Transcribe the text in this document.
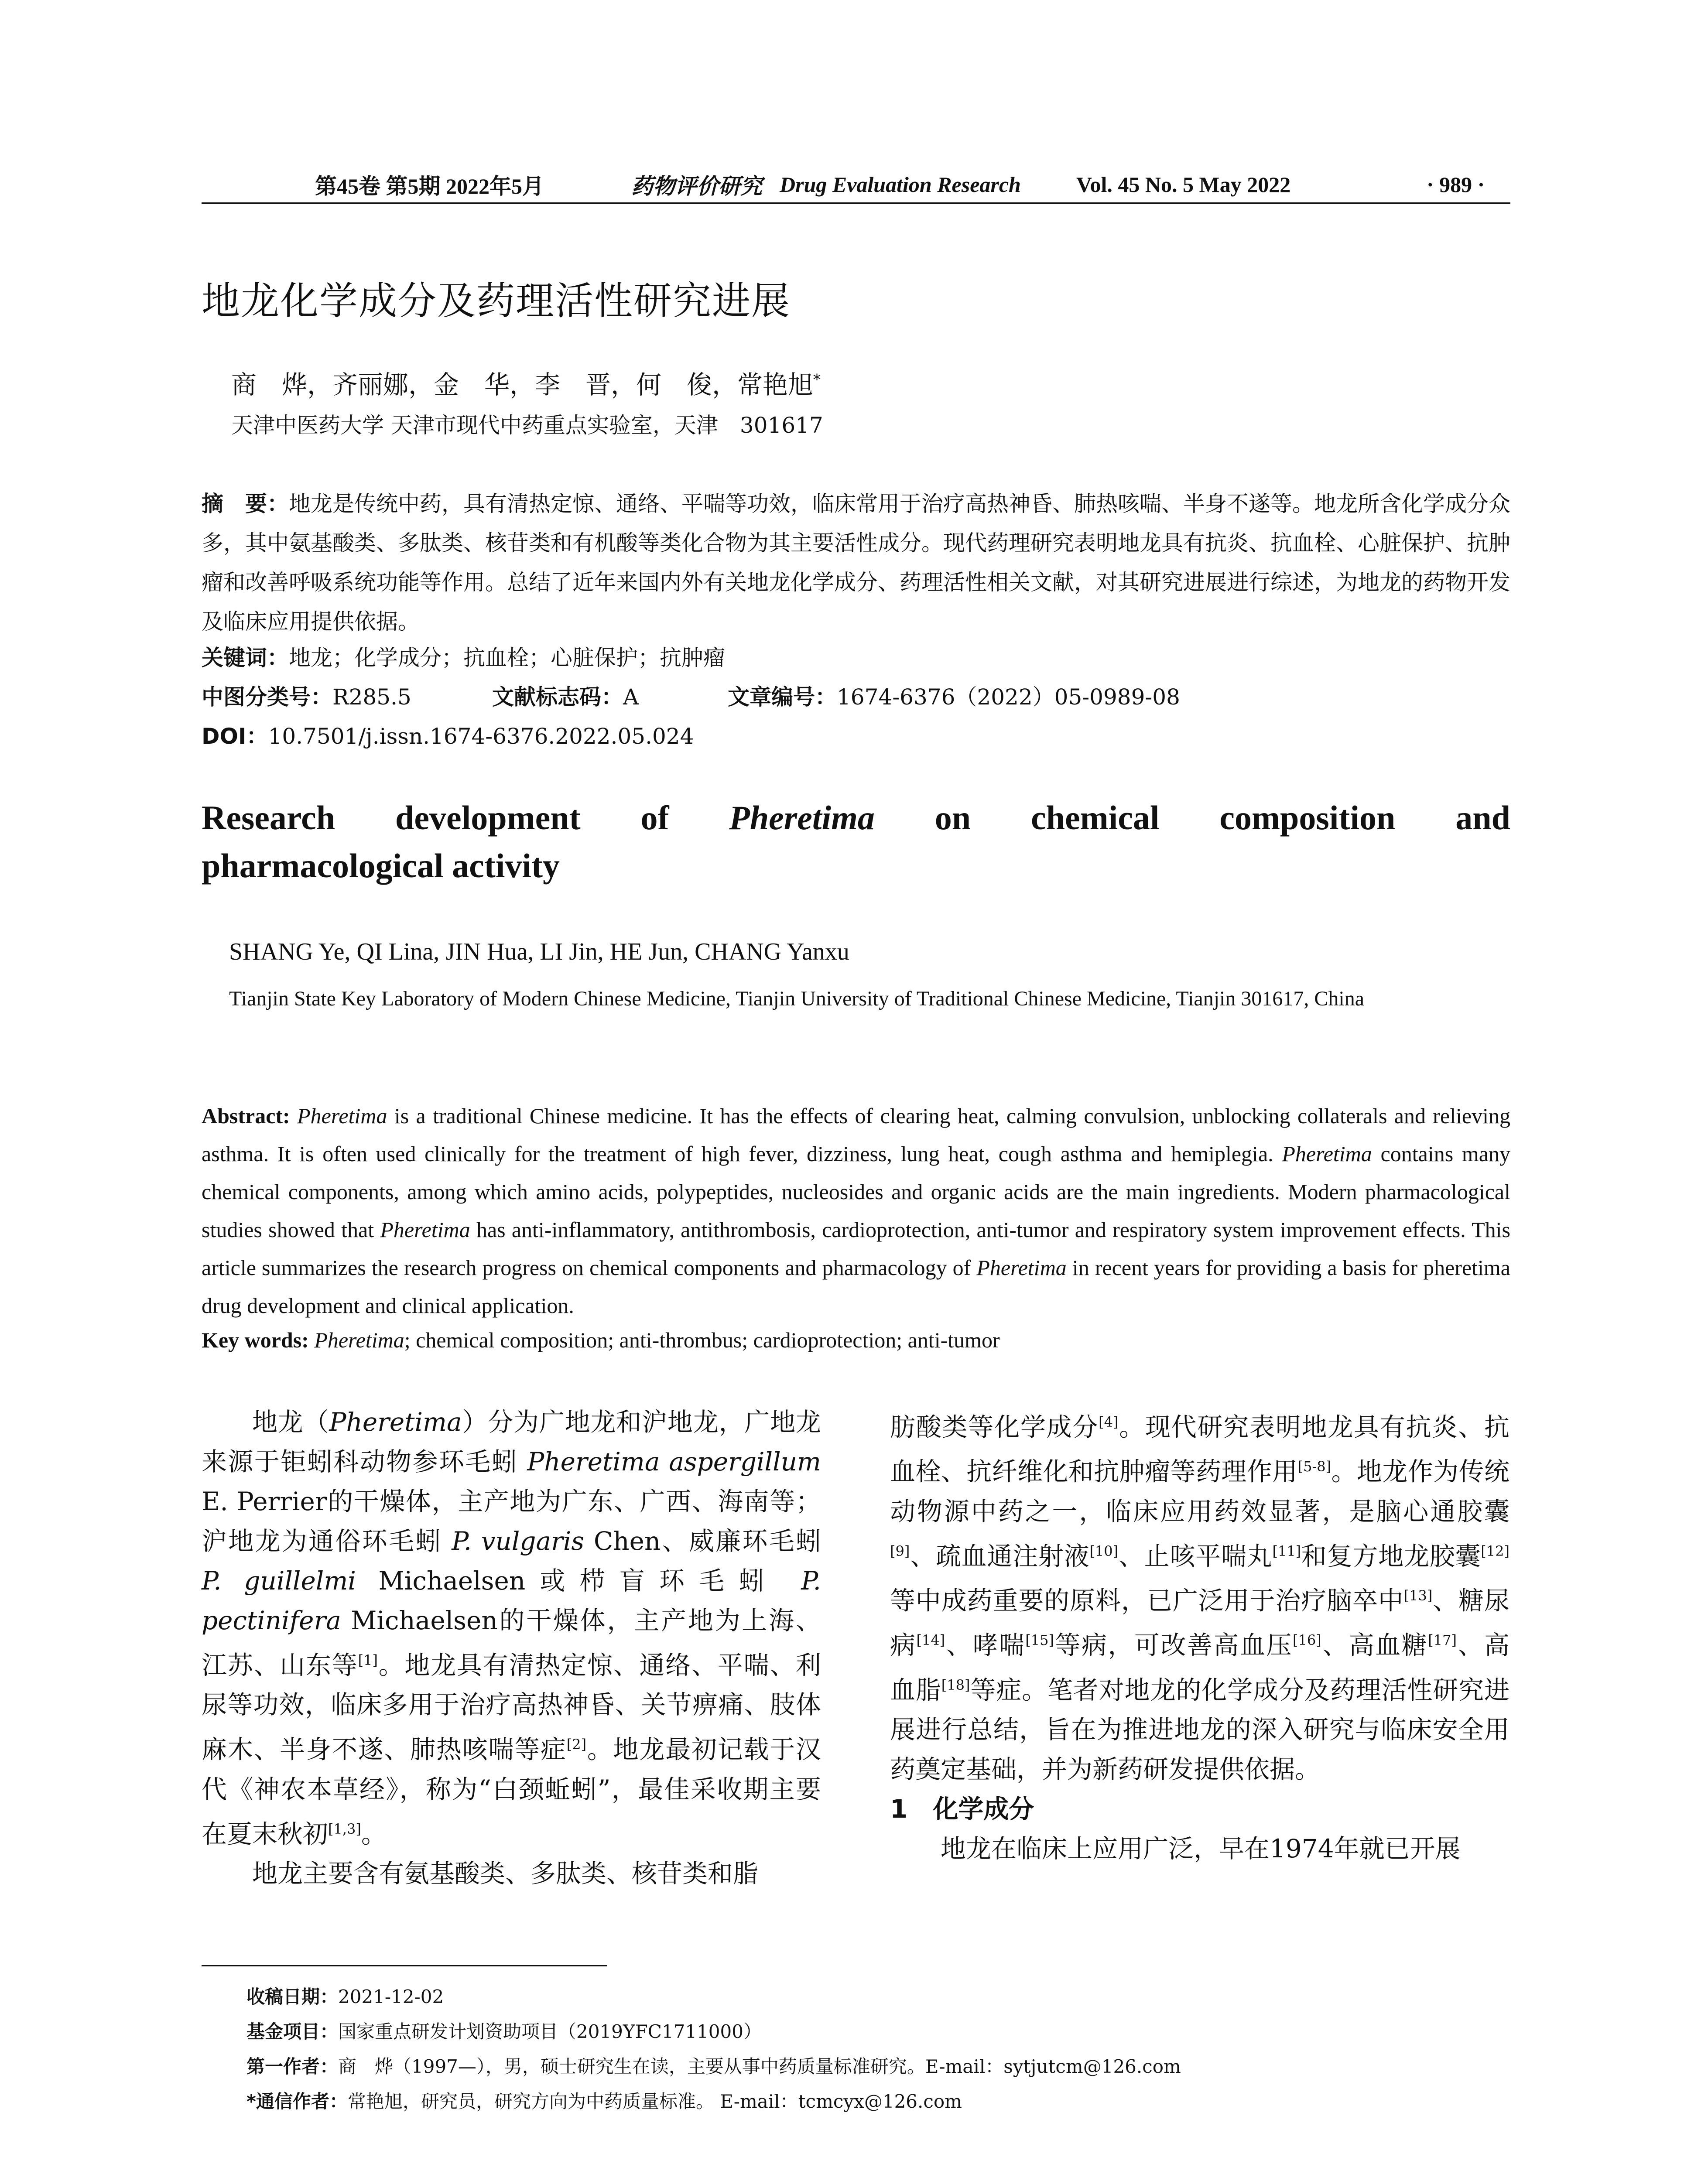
第45卷 第5期 2022年5月	药物评价研究 Drug Evaluation Research	Vol. 45 No. 5 May 2022	· 989 ·
地龙化学成分及药理活性研究进展
商　烨，齐丽娜，金　华，李　晋，何　俊，常艳旭*
天津中医药大学 天津市现代中药重点实验室，天津　301617
摘　要：地龙是传统中药，具有清热定惊、通络、平喘等功效，临床常用于治疗高热神昏、肺热咳喘、半身不遂等。地龙所含化学成分众多，其中氨基酸类、多肽类、核苷类和有机酸等类化合物为其主要活性成分。现代药理研究表明地龙具有抗炎、抗血栓、心脏保护、抗肿瘤和改善呼吸系统功能等作用。总结了近年来国内外有关地龙化学成分、药理活性相关文献，对其研究进展进行综述，为地龙的药物开发及临床应用提供依据。
关键词：地龙；化学成分；抗血栓；心脏保护；抗肿瘤
中图分类号：R285.5	文献标志码：A	文章编号：1674-6376（2022）05-0989-08
DOI：10.7501/j.issn.1674-6376.2022.05.024
Research development of Pheretima on chemical composition and
pharmacological activity
SHANG Ye, QI Lina, JIN Hua, LI Jin, HE Jun, CHANG Yanxu
Tianjin State Key Laboratory of Modern Chinese Medicine, Tianjin University of Traditional Chinese Medicine, Tianjin 301617, China
Abstract: Pheretima is a traditional Chinese medicine. It has the effects of clearing heat, calming convulsion, unblocking collaterals and relieving asthma. It is often used clinically for the treatment of high fever, dizziness, lung heat, cough asthma and hemiplegia. Pheretima contains many chemical components, among which amino acids, polypeptides, nucleosides and organic acids are the main ingredients. Modern pharmacological studies showed that Pheretima has anti-inflammatory, antithrombosis, cardioprotection, anti-tumor and respiratory system improvement effects. This article summarizes the research progress on chemical components and pharmacology of Pheretima in recent years for providing a basis for pheretima drug development and clinical application.
Key words: Pheretima; chemical composition; anti-thrombus; cardioprotection; anti-tumor

地龙（Pheretima）分为广地龙和沪地龙，广地龙来源于钜蚓科动物参环毛蚓 Pheretima aspergillum E. Perrier的干燥体，主产地为广东、广西、海南等；沪地龙为通俗环毛蚓 P. vulgaris Chen、威廉环毛蚓 P. guillelmi Michaelsen或栉盲环毛蚓 P. pectinifera Michaelsen的干燥体，主产地为上海、江苏、山东等[1]。地龙具有清热定惊、通络、平喘、利尿等功效，临床多用于治疗高热神昏、关节痹痛、肢体麻木、半身不遂、肺热咳喘等症[2]。地龙最初记载于汉代《神农本草经》，称为“白颈蚯蚓”，最佳采收期主要在夏末秋初[1,3]。

地龙主要含有氨基酸类、多肽类、核苷类和脂

肪酸类等化学成分[4]。现代研究表明地龙具有抗炎、抗血栓、抗纤维化和抗肿瘤等药理作用[5-8]。地龙作为传统动物源中药之一，临床应用药效显著，是脑心通胶囊[9]、疏血通注射液[10]、止咳平喘丸[11]和复方地龙胶囊[12]等中成药重要的原料，已广泛用于治疗脑卒中[13]、糖尿病[14]、哮喘[15]等病，可改善高血压[16]、高血糖[17]、高血脂[18]等症。笔者对地龙的化学成分及药理活性研究进展进行总结，旨在为推进地龙的深入研究与临床安全用药奠定基础，并为新药研发提供依据。

1　化学成分

地龙在临床上应用广泛，早在1974年就已开展

收稿日期：2021-12-02
基金项目：国家重点研发计划资助项目（2019YFC1711000）
第一作者：商　烨（1997—），男，硕士研究生在读，主要从事中药质量标准研究。E-mail：sytjutcm@126.com
*通信作者：常艳旭，研究员，研究方向为中药质量标准。 E-mail：tcmcyx@126.com
